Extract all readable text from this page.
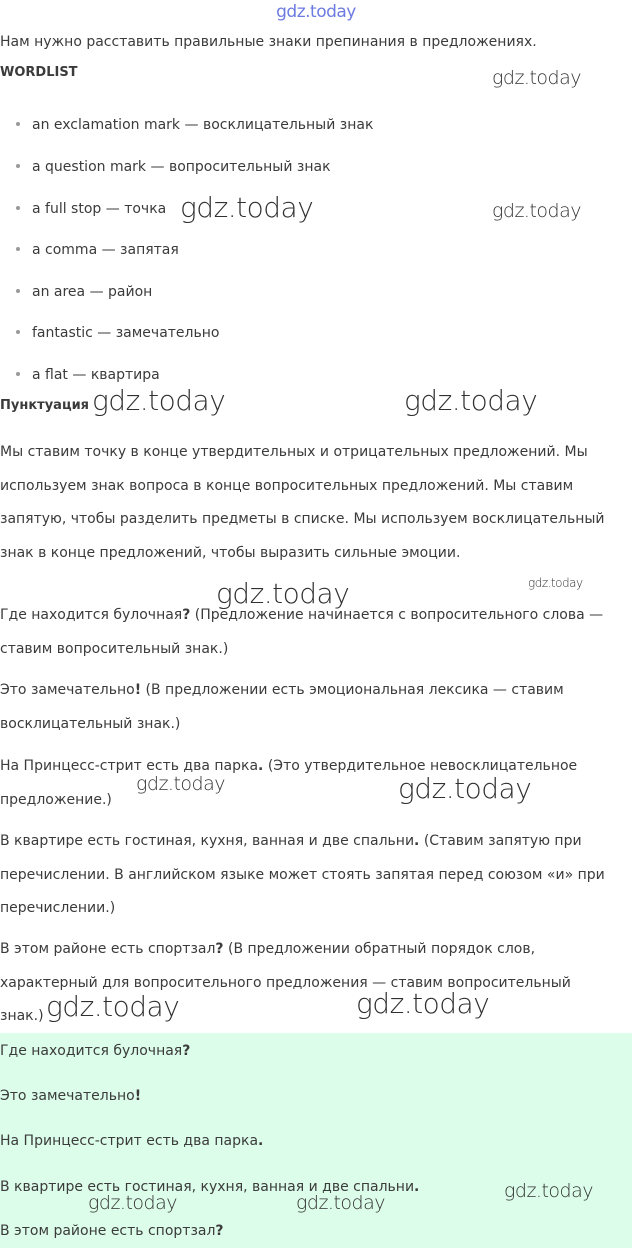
gdz.today
Нам нужно расставить правильные знаки препинания в предложениях.
WORDLIST
an exclamation mark — восклицательный знак
a question mark — вопросительный знак
a full stop — точка
a comma — запятая
an area — район
fantastic — замечательно
a flat — квартира
Пунктуация
Мы ставим точку в конце утвердительных и отрицательных предложений. Мы используем знак вопроса в конце вопросительных предложений. Мы ставим запятую, чтобы разделить предметы в списке. Мы используем восклицательный знак в конце предложений, чтобы выразить сильные эмоции.
Где находится булочная? (Предложение начинается с вопросительного слова — ставим вопросительный знак.)
Это замечательно! (В предложении есть эмоциональная лексика — ставим восклицательный знак.)
На Принцесс-стрит есть два парка. (Это утвердительное невосклицательное предложение.)
В квартире есть гостиная, кухня, ванная и две спальни. (Ставим запятую при перечислении. В английском языке может стоять запятая перед союзом «и» при перечислении.)
В этом районе есть спортзал? (В предложении обратный порядок слов, характерный для вопросительного предложения — ставим вопросительный знак.)
Где находится булочная?
Это замечательно!
На Принцесс-стрит есть два парка.
В квартире есть гостиная, кухня, ванная и две спальни.
В этом районе есть спортзал?
gdz.today
gdz.today	gdz.today
gdz.today	gdz.today
gdz.today	gdz.today
gdz.today	gdz.today
gdz.today	gdz.today
gdz.today
gdz.today	gdz.today
